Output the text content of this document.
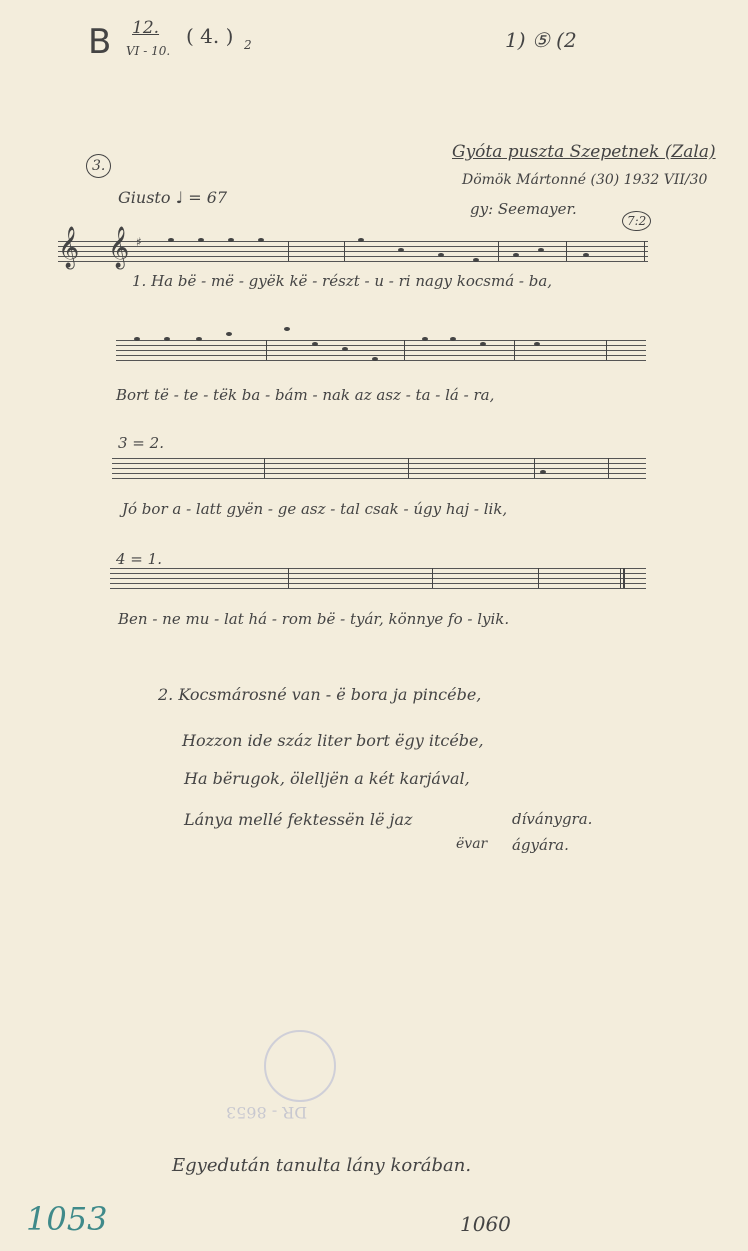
B 12.
VI - 10.
( 4. ) 2	1) ⑤ (2
Gyóta puszta Szepetnek (Zala)
Dömök Mártonné (30) 1932 VII/30
gy: Seemayer.
7:2
3.
Giusto ♩ = 67
𝄞 𝄞 ♯
1. Ha bë - më - gyëk kë - részt - u - ri nagy kocsmá - ba,
Bort të - te - tëk ba - bám - nak az asz - ta - lá - ra,
3 = 2.
Jó bor a - latt gyën - ge asz - tal csak - úgy haj - lik,
4 = 1.
Ben - ne mu - lat há - rom bë - tyár, könnye fo - lyik.
2. Kocsmárosné van - ë bora ja pincébe,
Hozzon ide száz liter bort ëgy itcébe,
Ha bërugok, ölelljën a két karjával,
Lánya mellé fektessën lë jaz	díványgra.
ëvar ágyára.
DR - 8653
Egyedután tanulta lány korában.
1053	1060
